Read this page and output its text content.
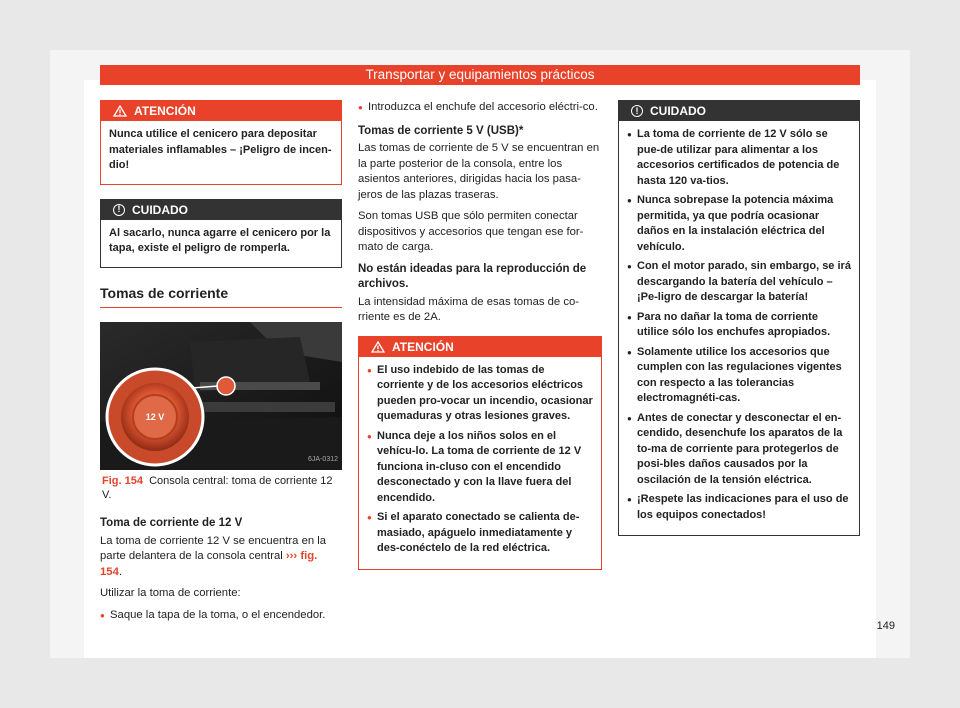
Transportar y equipamientos prácticos
ATENCIÓN

Nunca utilice el cenicero para depositar materiales inflamables – ¡Peligro de incen-dio!

! CUIDADO

Al sacarlo, nunca agarre el cenicero por la tapa, existe el peligro de romperla.

Tomas de corriente
12 V
6JA-0312
Fig. 154 Consola central: toma de corriente 12 V.
Toma de corriente de 12 V

La toma de corriente 12 V se encuentra en la parte delantera de la consola central ››› fig. 154.

Utilizar la toma de corriente:

● Saque la tapa de la toma, o el encendedor.
● Introduzca el enchufe del accesorio eléctri-co.
Tomas de corriente 5 V (USB)*

Las tomas de corriente de 5 V se encuentran en la parte posterior de la consola, entre los asientos anteriores, dirigidas hacia los pasa-jeros de las plazas traseras.

Son tomas USB que sólo permiten conectar dispositivos y accesorios que tengan ese for-mato de carga.

No están ideadas para la reproducción de archivos.

La intensidad máxima de esas tomas de co-rriente es de 2A.

ATENCIÓN
● El uso indebido de las tomas de corriente y de los accesorios eléctricos pueden pro-vocar un incendio, ocasionar quemaduras y otras lesiones graves.
● Nunca deje a los niños solos en el vehícu-lo. La toma de corriente de 12 V funciona in-cluso con el encendido desconectado y con la llave fuera del encendido.
● Si el aparato conectado se calienta de-masiado, apáguelo inmediatamente y des-conéctelo de la red eléctrica.
! CUIDADO
● La toma de corriente de 12 V sólo se pue-de utilizar para alimentar a los accesorios certificados de potencia de hasta 120 va-tios.
● Nunca sobrepase la potencia máxima permitida, ya que podría ocasionar daños en la instalación eléctrica del vehículo.
● Con el motor parado, sin embargo, se irá descargando la batería del vehículo – ¡Pe-ligro de descargar la batería!
● Para no dañar la toma de corriente utilice sólo los enchufes apropiados.
● Solamente utilice los accesorios que cumplen con las regulaciones vigentes con respecto a las tolerancias electromagnéti-cas.
● Antes de conectar y desconectar el en-cendido, desenchufe los aparatos de la to-ma de corriente para protegerlos de posi-bles daños causados por la oscilación de la tensión eléctrica.
● ¡Respete las indicaciones para el uso de los equipos conectados!
149
